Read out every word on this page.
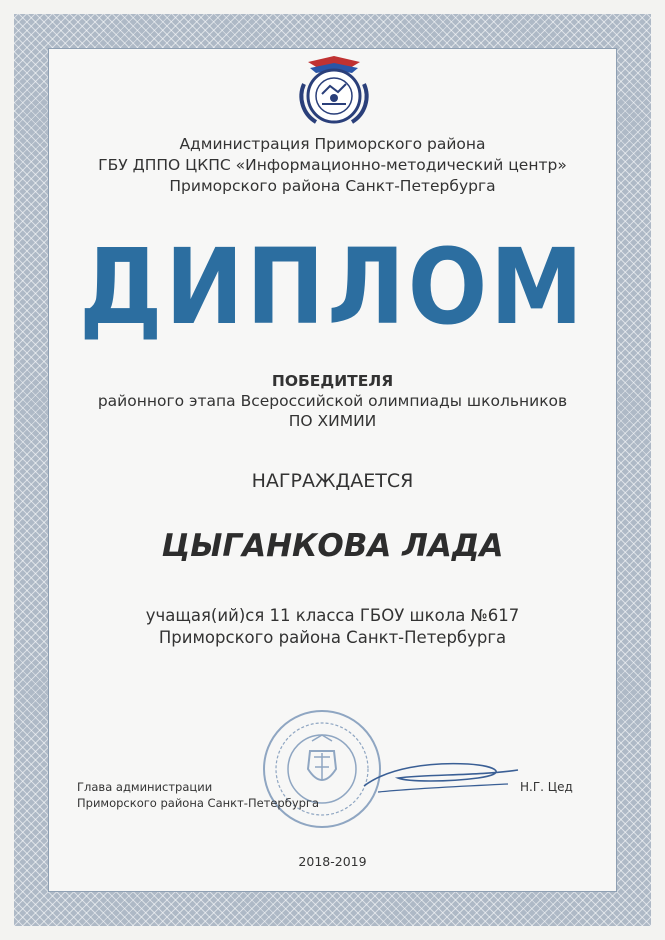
Администрация Приморского района
ГБУ ДППО ЦКПС «Информационно-методический центр»
Приморского района Санкт-Петербурга
ДИПЛОМ
ПОБЕДИТЕЛЯ
районного этапа Всероссийской олимпиады школьников
ПО ХИМИИ
НАГРАЖДАЕТСЯ
ЦЫГАНКОВА ЛАДА
учащая(ий)ся 11 класса ГБОУ школа №617
Приморского района Санкт-Петербурга
Глава администрации
Приморского района Санкт-Петербурга
Н.Г. Цед
2018-2019
